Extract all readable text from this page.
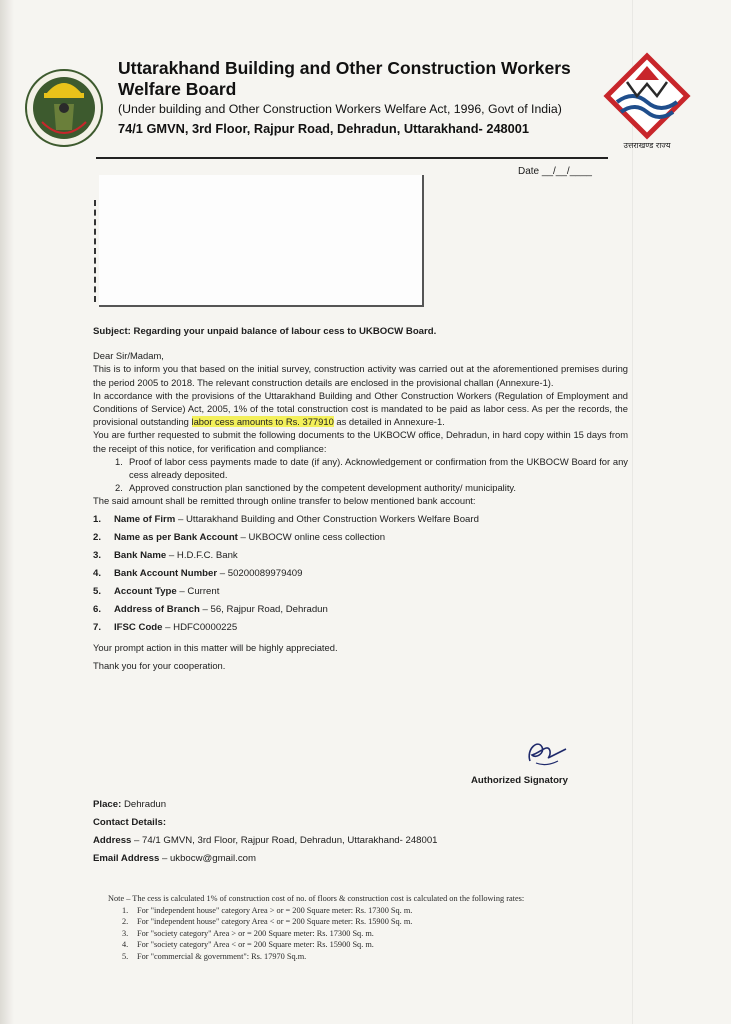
Uttarakhand Building and Other Construction Workers Welfare Board
(Under building and Other Construction Workers Welfare Act, 1996, Govt of India)
74/1 GMVN, 3rd Floor, Rajpur Road, Dehradun, Uttarakhand- 248001
उत्तराखण्ड राज्य
Date __/__/____
Subject: Regarding your unpaid balance of labour cess to UKBOCW Board.

Dear Sir/Madam,

This is to inform you that based on the initial survey, construction activity was carried out at the aforementioned premises during the period 2005 to 2018. The relevant construction details are enclosed in the provisional challan (Annexure-1).

In accordance with the provisions of the Uttarakhand Building and Other Construction Workers (Regulation of Employment and Conditions of Service) Act, 2005, 1% of the total construction cost is mandated to be paid as labor cess. As per the records, the provisional outstanding labor cess amounts to Rs. 377910 as detailed in Annexure-1.

You are further requested to submit the following documents to the UKBOCW office, Dehradun, in hard copy within 15 days from the receipt of this notice, for verification and compliance:

1. Proof of labor cess payments made to date (if any). Acknowledgement or confirmation from the UKBOCW Board for any cess already deposited.
2. Approved construction plan sanctioned by the competent development authority/ municipality.

The said amount shall be remitted through online transfer to below mentioned bank account:

1. Name of Firm – Uttarakhand Building and Other Construction Workers Welfare Board
2. Name as per Bank Account – UKBOCW online cess collection
3. Bank Name – H.D.F.C. Bank
4. Bank Account Number – 50200089979409
5. Account Type – Current
6. Address of Branch – 56, Rajpur Road, Dehradun
7. IFSC Code – HDFC0000225
Your prompt action in this matter will be highly appreciated.
Thank you for your cooperation.
Authorized Signatory
Place: Dehradun
Contact Details:
Address – 74/1 GMVN, 3rd Floor, Rajpur Road, Dehradun, Uttarakhand- 248001
Email Address – ukbocw@gmail.com
Note – The cess is calculated 1% of construction cost of no. of floors & construction cost is calculated on the following rates:
1. For "independent house" category Area > or = 200 Square meter: Rs. 17300 Sq. m.
2. For "independent house" category Area < or = 200 Square meter: Rs. 15900 Sq. m.
3. For "society category" Area > or = 200 Square meter: Rs. 17300 Sq. m.
4. For "society category" Area < or = 200 Square meter: Rs. 15900 Sq. m.
5. For "commercial & government": Rs. 17970 Sq.m.
